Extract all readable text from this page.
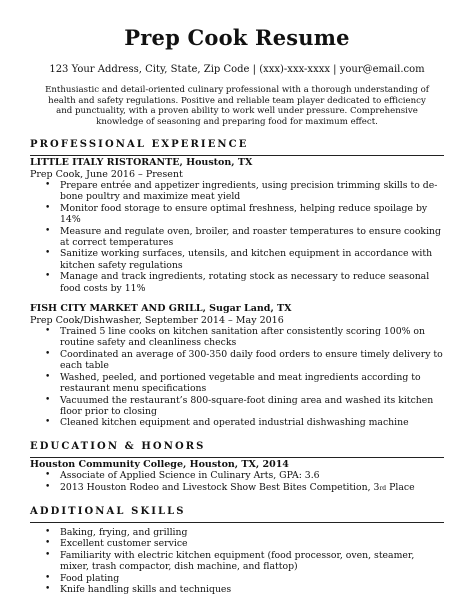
Prep Cook Resume
123 Your Address, City, State, Zip Code | (xxx)-xxx-xxxx | your@email.com
Enthusiastic and detail-oriented culinary professional with a thorough understanding of health and safety regulations. Positive and reliable team player dedicated to efficiency and punctuality, with a proven ability to work well under pressure. Comprehensive knowledge of seasoning and preparing food for maximum effect.
PROFESSIONAL EXPERIENCE
LITTLE ITALY RISTORANTE, Houston, TX
Prep Cook, June 2016 – Present
• Prepare entrée and appetizer ingredients, using precision trimming skills to de-bone poultry and maximize meat yield
• Monitor food storage to ensure optimal freshness, helping reduce spoilage by 14%
• Measure and regulate oven, broiler, and roaster temperatures to ensure cooking at correct temperatures
• Sanitize working surfaces, utensils, and kitchen equipment in accordance with kitchen safety regulations
• Manage and track ingredients, rotating stock as necessary to reduce seasonal food costs by 11%
FISH CITY MARKET AND GRILL, Sugar Land, TX
Prep Cook/Dishwasher, September 2014 – May 2016
• Trained 5 line cooks on kitchen sanitation after consistently scoring 100% on routine safety and cleanliness checks
• Coordinated an average of 300-350 daily food orders to ensure timely delivery to each table
• Washed, peeled, and portioned vegetable and meat ingredients according to restaurant menu specifications
• Vacuumed the restaurant’s 800-square-foot dining area and washed its kitchen floor prior to closing
• Cleaned kitchen equipment and operated industrial dishwashing machine
EDUCATION & HONORS
Houston Community College, Houston, TX, 2014
• Associate of Applied Science in Culinary Arts, GPA: 3.6
• 2013 Houston Rodeo and Livestock Show Best Bites Competition, 3rd Place
ADDITIONAL SKILLS
• Baking, frying, and grilling
• Excellent customer service
• Familiarity with electric kitchen equipment (food processor, oven, steamer, mixer, trash compactor, dish machine, and flattop)
• Food plating
• Knife handling skills and techniques
